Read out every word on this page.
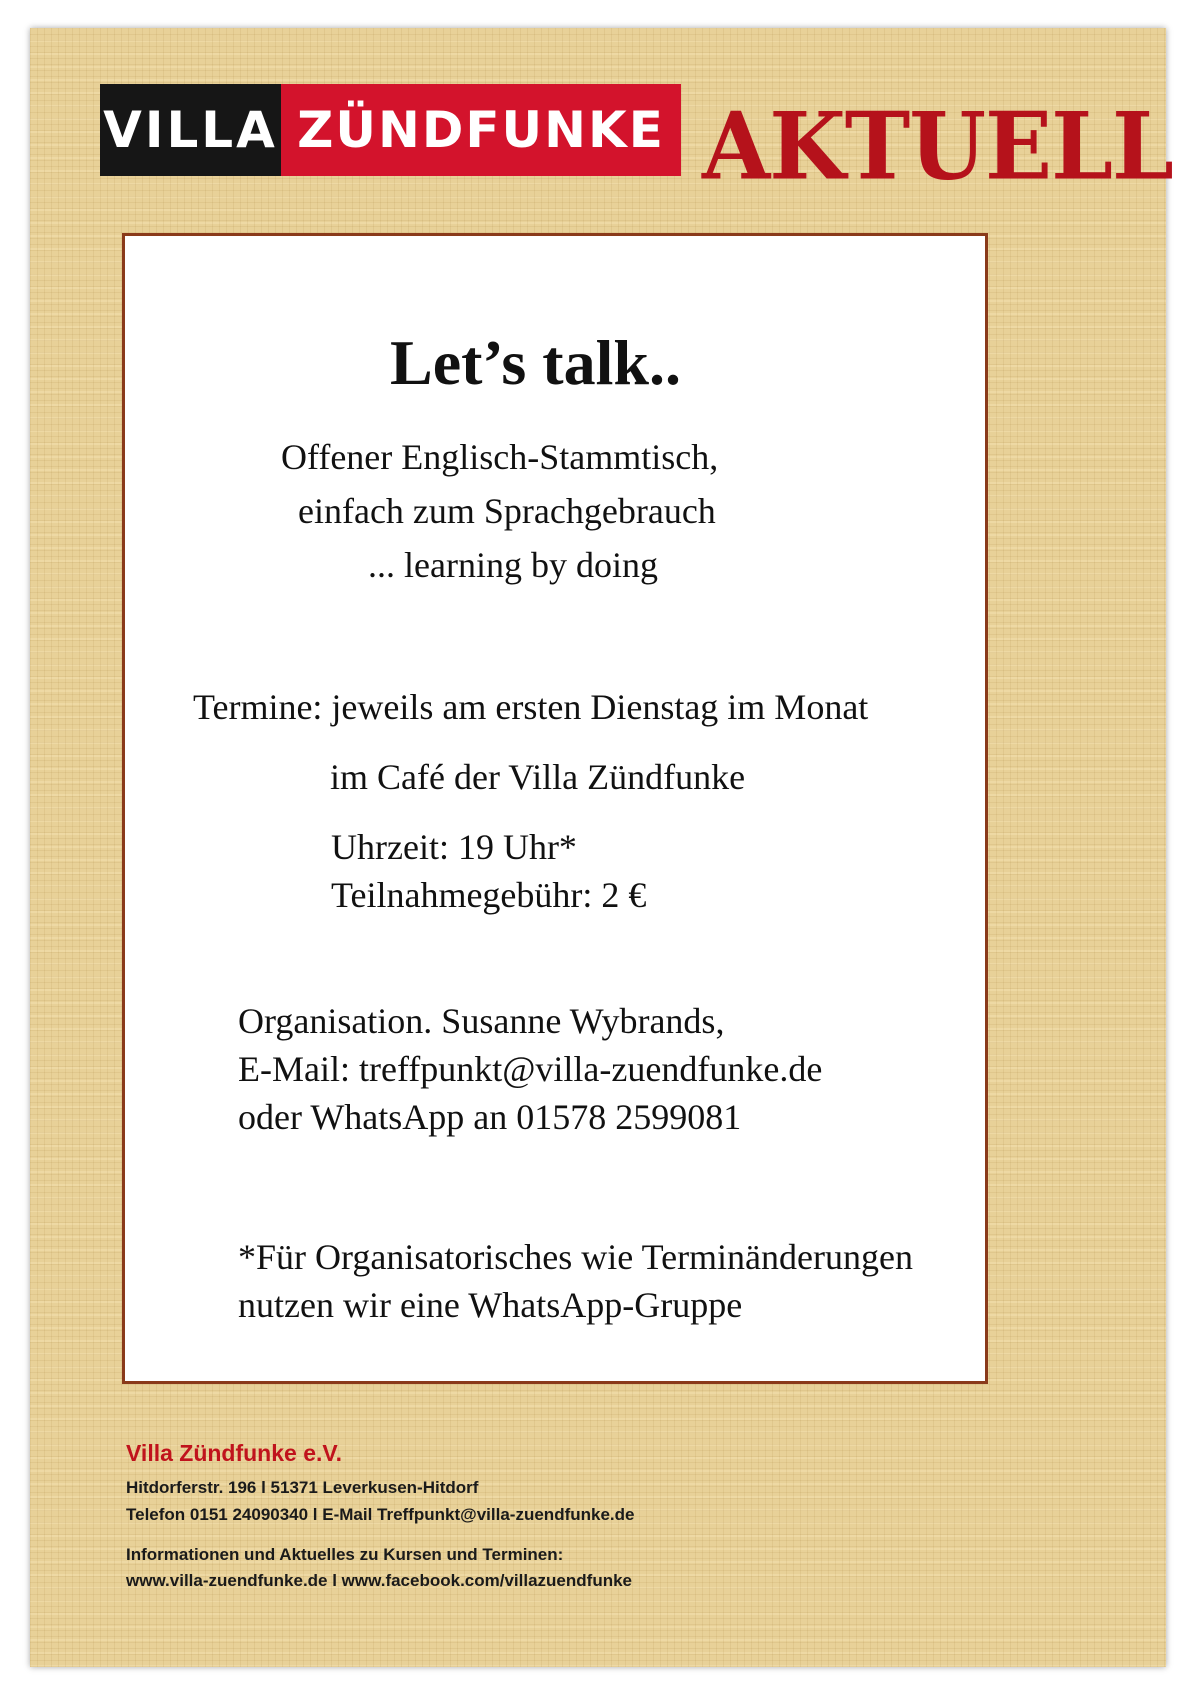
VILLA ZÜNDFUNKE AKTUELL
Let’s talk..
Offener Englisch-Stammtisch,
einfach zum Sprachgebrauch
... learning by doing
Termine: jeweils am ersten Dienstag im Monat
im Café der Villa Zündfunke
Uhrzeit: 19 Uhr*
Teilnahmegebühr: 2 €
Organisation. Susanne Wybrands,
E-Mail: treffpunkt@villa-zuendfunke.de
oder WhatsApp an 01578 2599081
*Für Organisatorisches wie Terminänderungen
nutzen wir eine WhatsApp-Gruppe
Villa Zündfunke e.V.
Hitdorferstr. 196 l 51371 Leverkusen-Hitdorf
Telefon 0151 24090340 l E-Mail Treffpunkt@villa-zuendfunke.de
Informationen und Aktuelles zu Kursen und Terminen:
www.villa-zuendfunke.de l www.facebook.com/villazuendfunke
